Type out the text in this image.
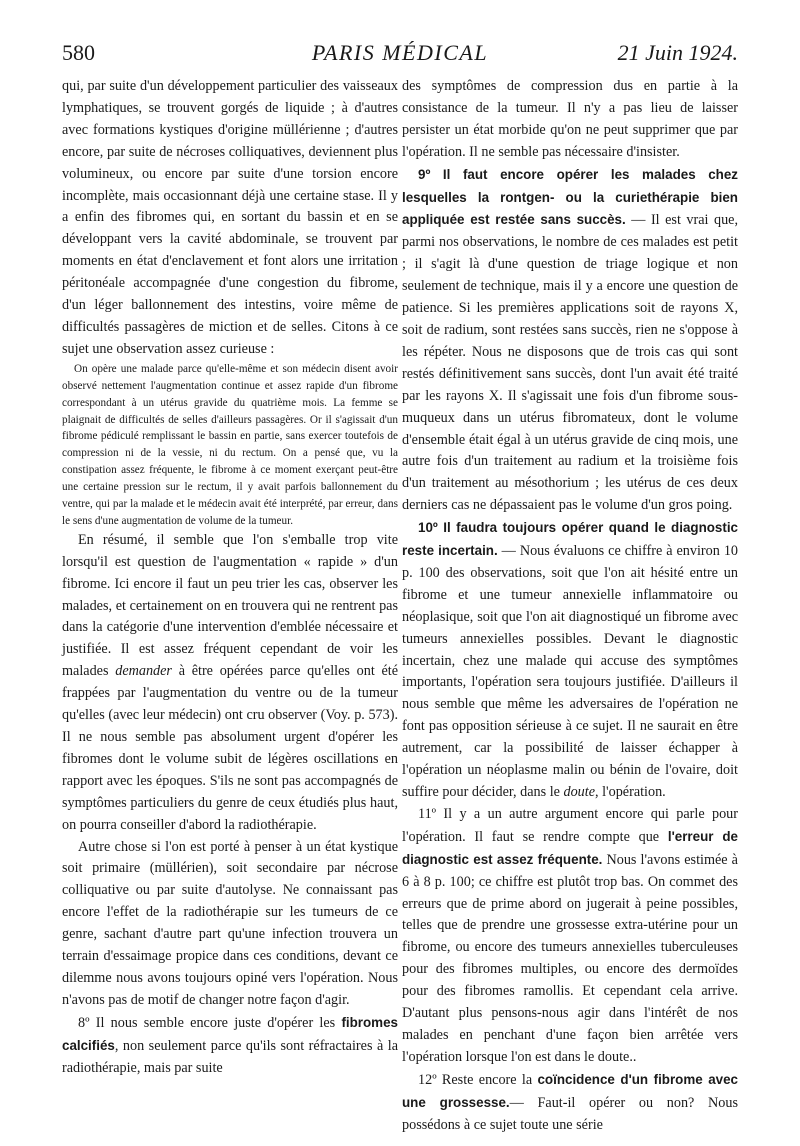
580	PARIS MÉDICAL	21 Juin 1924.

qui, par suite d'un développement particulier des vaisseaux lymphatiques, se trouvent gorgés de liquide ; à d'autres avec formations kystiques d'origine müllérienne ; d'autres encore, par suite de nécroses colliquatives, deviennent plus volumineux, ou encore par suite d'une torsion encore incomplète, mais occasionnant déjà une certaine stase. Il y a enfin des fibromes qui, en sortant du bassin et en se développant vers la cavité abdominale, se trouvent par moments en état d'enclavement et font alors une irritation péritonéale accompagnée d'une congestion du fibrome, d'un léger ballonnement des intestins, voire même de difficultés passagères de miction et de selles. Citons à ce sujet une observation assez curieuse :

On opère une malade parce qu'elle-même et son médecin disent avoir observé nettement l'augmentation continue et assez rapide d'un fibrome correspondant à un utérus gravide du quatrième mois. La femme se plaignait de difficultés de selles d'ailleurs passagères. Or il s'agissait d'un fibrome pédiculé remplissant le bassin en partie, sans exercer toutefois de compression ni de la vessie, ni du rectum. On a pensé que, vu la constipation assez fréquente, le fibrome à ce moment exerçant peut-être une certaine pression sur le rectum, il y avait parfois ballonnement du ventre, qui par la malade et le médecin avait été interprété, par erreur, dans le sens d'une augmentation de volume de la tumeur.

En résumé, il semble que l'on s'emballe trop vite lorsqu'il est question de l'augmentation « rapide » d'un fibrome. Ici encore il faut un peu trier les cas, observer les malades, et certainement on en trouvera qui ne rentrent pas dans la catégorie d'une intervention d'emblée nécessaire et justifiée. Il est assez fréquent cependant de voir les malades demander à être opérées parce qu'elles ont été frappées par l'augmentation du ventre ou de la tumeur qu'elles (avec leur médecin) ont cru observer (Voy. p. 573). Il ne nous semble pas absolument urgent d'opérer les fibromes dont le volume subit de légères oscillations en rapport avec les époques. S'ils ne sont pas accompagnés de symptômes particuliers du genre de ceux étudiés plus haut, on pourra conseiller d'abord la radiothérapie.

Autre chose si l'on est porté à penser à un état kystique soit primaire (müllérien), soit secondaire par nécrose colliquative ou par suite d'autolyse. Ne connaissant pas encore l'effet de la radiothérapie sur les tumeurs de ce genre, sachant d'autre part qu'une infection trouvera un terrain d'essaimage propice dans ces conditions, devant ce dilemme nous avons toujours opiné vers l'opération. Nous n'avons pas de motif de changer notre façon d'agir.

8º Il nous semble encore juste d'opérer les fibromes calcifiés, non seulement parce qu'ils sont réfractaires à la radiothérapie, mais par suite

des symptômes de compression dus en partie à la consistance de la tumeur. Il n'y a pas lieu de laisser persister un état morbide qu'on ne peut supprimer que par l'opération. Il ne semble pas nécessaire d'insister.

9º Il faut encore opérer les malades chez lesquelles la rontgen- ou la curiethérapie bien appliquée est restée sans succès. — Il est vrai que, parmi nos observations, le nombre de ces malades est petit ; il s'agit là d'une question de triage logique et non seulement de technique, mais il y a encore une question de patience. Si les premières applications soit de rayons X, soit de radium, sont restées sans succès, rien ne s'oppose à les répéter. Nous ne disposons que de trois cas qui sont restés définitivement sans succès, dont l'un avait été traité par les rayons X. Il s'agissait une fois d'un fibrome sous-muqueux dans un utérus fibromateux, dont le volume d'ensemble était égal à un utérus gravide de cinq mois, une autre fois d'un traitement au radium et la troisième fois d'un traitement au mésothorium ; les utérus de ces deux derniers cas ne dépassaient pas le volume d'un gros poing.

10º Il faudra toujours opérer quand le diagnostic reste incertain. — Nous évaluons ce chiffre à environ 10 p. 100 des observations, soit que l'on ait hésité entre un fibrome et une tumeur annexielle inflammatoire ou néoplasique, soit que l'on ait diagnostiqué un fibrome avec tumeurs annexielles possibles. Devant le diagnostic incertain, chez une malade qui accuse des symptômes importants, l'opération sera toujours justifiée. D'ailleurs il nous semble que même les adversaires de l'opération ne font pas opposition sérieuse à ce sujet. Il ne saurait en être autrement, car la possibilité de laisser échapper à l'opération un néoplasme malin ou bénin de l'ovaire, doit suffire pour décider, dans le doute, l'opération.

11º Il y a un autre argument encore qui parle pour l'opération. Il faut se rendre compte que l'erreur de diagnostic est assez fréquente. Nous l'avons estimée à 6 à 8 p. 100; ce chiffre est plutôt trop bas. On commet des erreurs que de prime abord on jugerait à peine possibles, telles que de prendre une grossesse extra-utérine pour un fibrome, ou encore des tumeurs annexielles tuberculeuses pour des fibromes multiples, ou encore des dermoïdes pour des fibromes ramollis. Et cependant cela arrive. D'autant plus pensons-nous agir dans l'intérêt de nos malades en penchant d'une façon bien arrêtée vers l'opération lorsque l'on est dans le doute..

12º Reste encore la coïncidence d'un fibrome avec une grossesse.— Faut-il opérer ou non? Nous possédons à ce sujet toute une série
